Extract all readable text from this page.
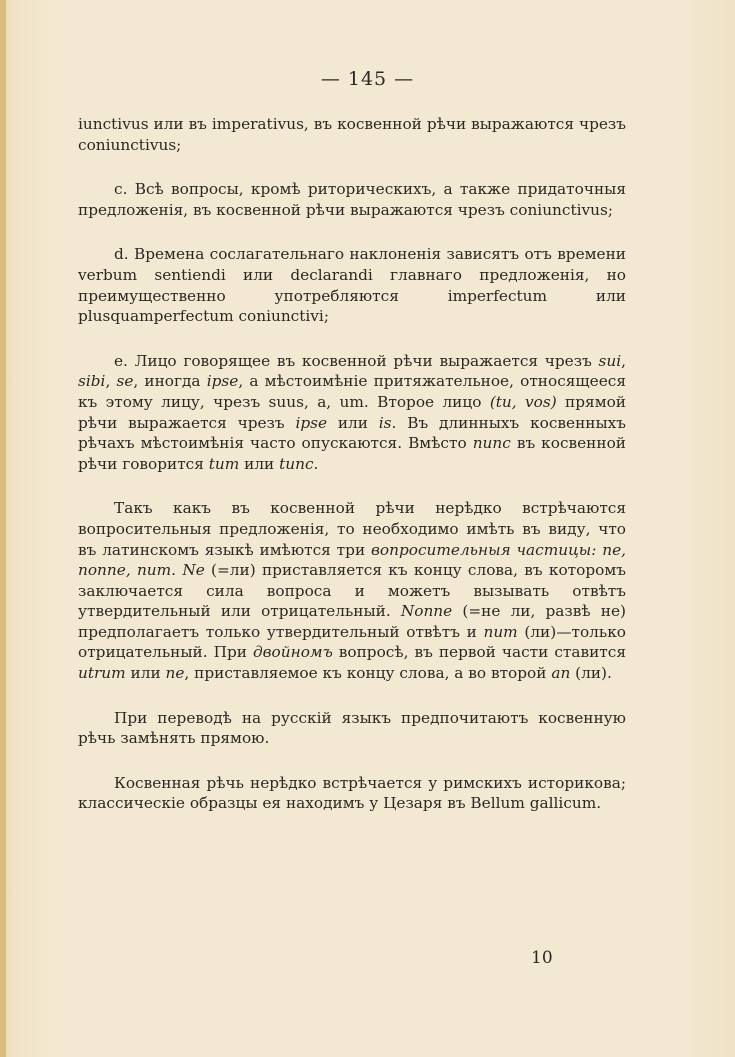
— 145 —

iunctivus или въ imperativus, въ косвенной рѣчи выражаются чрезъ coniunctivus;

c. Всѣ вопросы, кромѣ риторическихъ, а также придаточныя предложенія, въ косвенной рѣчи выражаются чрезъ coniunctivus;

d. Времена сослагательнаго наклоненія зависятъ отъ времени verbum sentiendi или declarandi главнаго предложенія, но преимущественно употребляются imperfectum или plusquamperfectum coniunctivi;

e. Лицо говорящее въ косвенной рѣчи выражается чрезъ sui, sibi, se, иногда ipse, а мѣстоимѣніе притяжательное, относящееся къ этому лицу, чрезъ suus, a, um. Второе лицо (tu, vos) прямой рѣчи выражается чрезъ ipse или is. Въ длинныхъ косвенныхъ рѣчахъ мѣстоимѣнія часто опускаются. Вмѣсто nunc въ косвенной рѣчи говорится tum или tunc.

Такъ какъ въ косвенной рѣчи нерѣдко встрѣчаются вопросительныя предложенія, то необходимо имѣть въ виду, что въ латинскомъ языкѣ имѣются три вопросительныя частицы: ne, nonne, num. Ne (=ли) приставляется къ концу слова, въ которомъ заключается сила вопроса и можетъ вызывать отвѣтъ утвердительный или отрицательный. Nonne (=не ли, развѣ не) предполагаетъ только утвердительный отвѣтъ и num (ли)—только отрицательный. При двойномъ вопросѣ, въ первой части ставится utrum или ne, приставляемое къ концу слова, а во второй an (ли).

При переводѣ на русскій языкъ предпочитаютъ косвенную рѣчь замѣнять прямою.

Косвенная рѣчь нерѣдко встрѣчается у римскихъ историкова; классическіе образцы ея находимъ у Цезаря въ Bellum gallicum.

10
